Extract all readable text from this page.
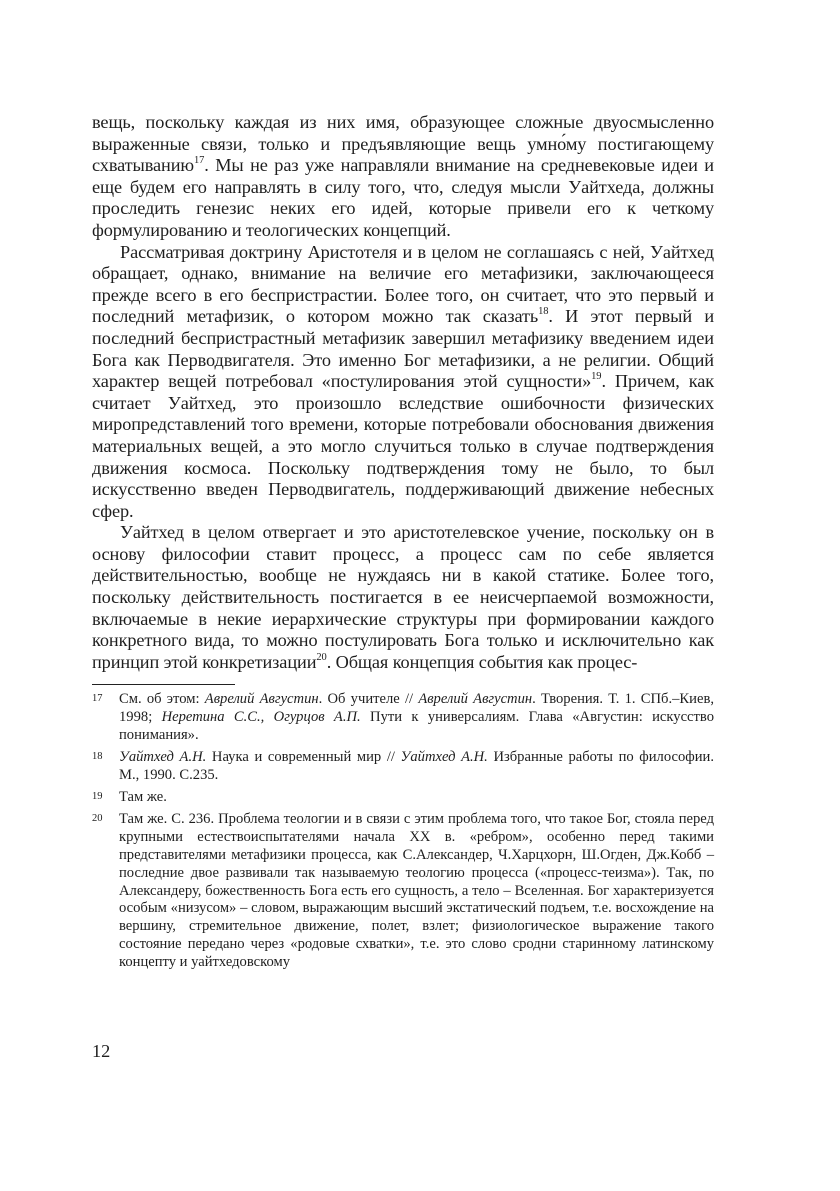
вещь, поскольку каждая из них имя, образующее сложные двуосмысленно выраженные связи, только и предъявляющие вещь умно́му постигающему схватыванию$^{17}$. Мы не раз уже направляли внимание на средневековые идеи и еще будем его направлять в силу того, что, следуя мысли Уайтхеда, должны проследить генезис неких его идей, которые привели его к четкому формулированию и теологических концепций.

Рассматривая доктрину Аристотеля и в целом не соглашаясь с ней, Уайтхед обращает, однако, внимание на величие его метафизики, заключающееся прежде всего в его беспристрастии. Более того, он считает, что это первый и последний метафизик, о котором можно так сказать$^{18}$. И этот первый и последний беспристрастный метафизик завершил метафизику введением идеи Бога как Перводвигателя. Это именно Бог метафизики, а не религии. Общий характер вещей потребовал «постулирования этой сущности»$^{19}$. Причем, как считает Уайтхед, это произошло вследствие ошибочности физических миропредставлений того времени, которые потребовали обоснования движения материальных вещей, а это могло случиться только в случае подтверждения движения космоса. Поскольку подтверждения тому не было, то был искусственно введен Перводвигатель, поддерживающий движение небесных сфер.

Уайтхед в целом отвергает и это аристотелевское учение, поскольку он в основу философии ставит процесс, а процесс сам по себе является действительностью, вообще не нуждаясь ни в какой статике. Более того, поскольку действительность постигается в ее неисчерпаемой возможности, включаемые в некие иерархические структуры при формировании каждого конкретного вида, то можно постулировать Бога только и исключительно как принцип этой конкретизации$^{20}$. Общая концепция события как процес-

17	См. об этом: Аврелий Августин. Об учителе // Аврелий Августин. Творения. Т. 1. СПб.–Киев, 1998; Неретина С.С., Огурцов А.П. Пути к универсалиям. Глава «Августин: искусство понимания».
18	Уайтхед А.Н. Наука и современный мир // Уайтхед А.Н. Избранные работы по философии. М., 1990. С.235.
19	Там же.
20	Там же. С. 236. Проблема теологии и в связи с этим проблема того, что такое Бог, стояла перед крупными естествоиспытателями начала XX в. «ребром», особенно перед такими представителями метафизики процесса, как С.Александер, Ч.Харцхорн, Ш.Огден, Дж.Кобб – последние двое развивали так называемую теологию процесса («процесс-теизма»). Так, по Александеру, божественность Бога есть его сущность, а тело – Вселенная. Бог характеризуется особым «низусом» – словом, выражающим высший экстатический подъем, т.е. восхождение на вершину, стремительное движение, полет, взлет; физиологическое выражение такого состояние передано через «родовые схватки», т.е. это слово сродни старинному латинскому концепту и уайтхедовскому
12
